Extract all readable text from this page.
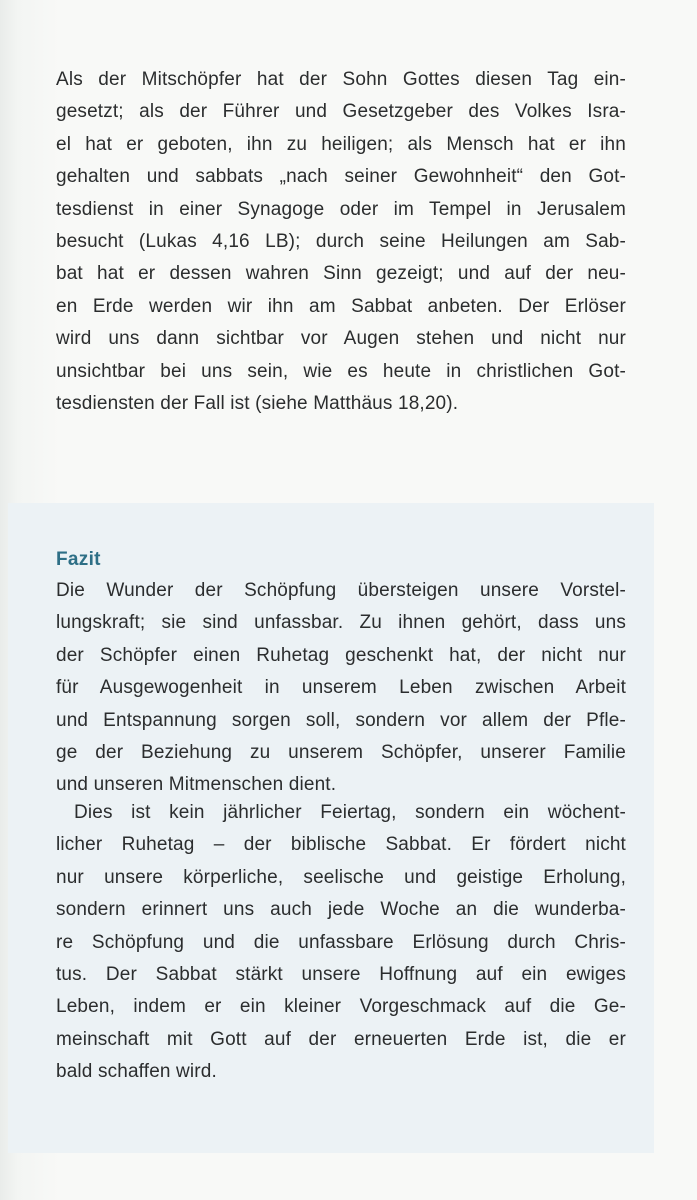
Als der Mitschöpfer hat der Sohn Gottes diesen Tag ein-
gesetzt; als der Führer und Gesetzgeber des Volkes Isra-
el hat er geboten, ihn zu heiligen; als Mensch hat er ihn
gehalten und sabbats „nach seiner Gewohnheit“ den Got-
tesdienst in einer Synagoge oder im Tempel in Jerusalem
besucht (Lukas 4,16 LB); durch seine Heilungen am Sab-
bat hat er dessen wahren Sinn gezeigt; und auf der neu-
en Erde werden wir ihn am Sabbat anbeten. Der Erlöser
wird uns dann sichtbar vor Augen stehen und nicht nur
unsichtbar bei uns sein, wie es heute in christlichen Got-
tesdiensten der Fall ist (siehe Matthäus 18,20).

Fazit

Die Wunder der Schöpfung übersteigen unsere Vorstel-
lungskraft; sie sind unfassbar. Zu ihnen gehört, dass uns
der Schöpfer einen Ruhetag geschenkt hat, der nicht nur
für Ausgewogenheit in unserem Leben zwischen Arbeit
und Entspannung sorgen soll, sondern vor allem der Pfle-
ge der Beziehung zu unserem Schöpfer, unserer Familie
und unseren Mitmenschen dient.

Dies ist kein jährlicher Feiertag, sondern ein wöchent-
licher Ruhetag – der biblische Sabbat. Er fördert nicht
nur unsere körperliche, seelische und geistige Erholung,
sondern erinnert uns auch jede Woche an die wunderba-
re Schöpfung und die unfassbare Erlösung durch Chris-
tus. Der Sabbat stärkt unsere Hoffnung auf ein ewiges
Leben, indem er ein kleiner Vorgeschmack auf die Ge-
meinschaft mit Gott auf der erneuerten Erde ist, die er
bald schaffen wird.
